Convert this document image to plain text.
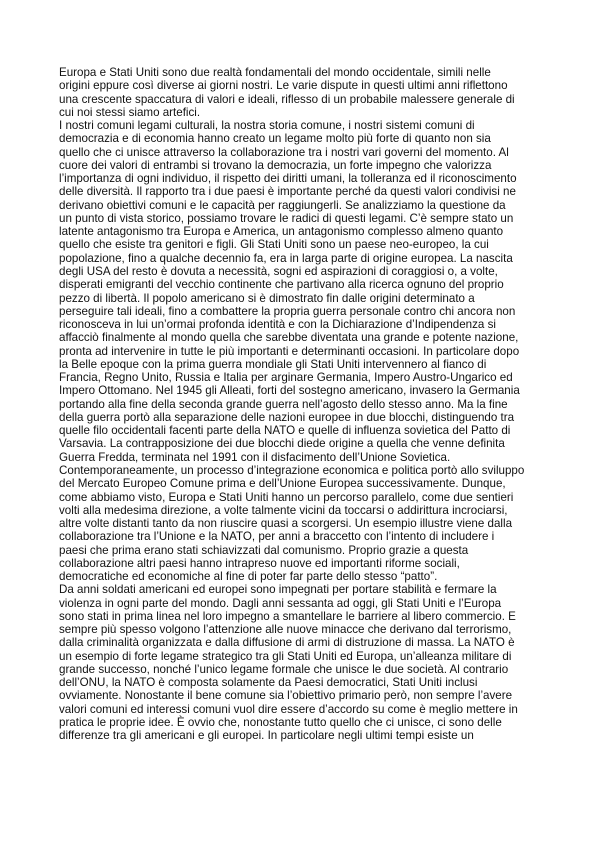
Europa e Stati Uniti sono due realtà fondamentali del mondo occidentale, simili nelle
origini eppure così diverse ai giorni nostri. Le varie dispute in questi ultimi anni riflettono
una crescente spaccatura di valori e ideali, riflesso di un probabile malessere generale di
cui noi stessi siamo artefici.
I nostri comuni legami culturali, la nostra storia comune, i nostri sistemi comuni di
democrazia e di economia hanno creato un legame molto più forte di quanto non sia
quello che ci unisce attraverso la collaborazione tra i nostri vari governi del momento. Al
cuore dei valori di entrambi si trovano la democrazia, un forte impegno che valorizza
l’importanza di ogni individuo, il rispetto dei diritti umani, la tolleranza ed il riconoscimento
delle diversità. Il rapporto tra i due paesi è importante perché da questi valori condivisi ne
derivano obiettivi comuni e le capacità per raggiungerli. Se analizziamo la questione da
un punto di vista storico, possiamo trovare le radici di questi legami. C’è sempre stato un
latente antagonismo tra Europa e America, un antagonismo complesso almeno quanto
quello che esiste tra genitori e figli. Gli Stati Uniti sono un paese neo-europeo, la cui
popolazione, fino a qualche decennio fa, era in larga parte di origine europea. La nascita
degli USA del resto è dovuta a necessità, sogni ed aspirazioni di coraggiosi o, a volte,
disperati emigranti del vecchio continente che partivano alla ricerca ognuno del proprio
pezzo di libertà. Il popolo americano si è dimostrato fin dalle origini determinato a
perseguire tali ideali, fino a combattere la propria guerra personale contro chi ancora non
riconosceva in lui un’ormai profonda identità e con la Dichiarazione d’Indipendenza si
affacciò finalmente al mondo quella che sarebbe diventata una grande e potente nazione,
pronta ad intervenire in tutte le più importanti e determinanti occasioni. In particolare dopo
la Belle epoque con la prima guerra mondiale gli Stati Uniti intervennero al fianco di
Francia, Regno Unito, Russia e Italia per arginare Germania, Impero Austro-Ungarico ed
Impero Ottomano. Nel 1945 gli Alleati, forti del sostegno americano, invasero la Germania
portando alla fine della seconda grande guerra nell’agosto dello stesso anno. Ma la fine
della guerra portò alla separazione delle nazioni europee in due blocchi, distinguendo tra
quelle filo occidentali facenti parte della NATO e quelle di influenza sovietica del Patto di
Varsavia. La contrapposizione dei due blocchi diede origine a quella che venne definita
Guerra Fredda, terminata nel 1991 con il disfacimento dell’Unione Sovietica.
Contemporaneamente, un processo d’integrazione economica e politica portò allo sviluppo
del Mercato Europeo Comune prima e dell’Unione Europea successivamente. Dunque,
come abbiamo visto, Europa e Stati Uniti hanno un percorso parallelo, come due sentieri
volti alla medesima direzione, a volte talmente vicini da toccarsi o addirittura incrociarsi,
altre volte distanti tanto da non riuscire quasi a scorgersi. Un esempio illustre viene dalla
collaborazione tra l’Unione e la NATO, per anni a braccetto con l’intento di includere i
paesi che prima erano stati schiavizzati dal comunismo. Proprio grazie a questa
collaborazione altri paesi hanno intrapreso nuove ed importanti riforme sociali,
democratiche ed economiche al fine di poter far parte dello stesso “patto”.
Da anni soldati americani ed europei sono impegnati per portare stabilità e fermare la
violenza in ogni parte del mondo. Dagli anni sessanta ad oggi, gli Stati Uniti e l’Europa
sono stati in prima linea nel loro impegno a smantellare le barriere al libero commercio. E
sempre più spesso volgono l’attenzione alle nuove minacce che derivano dal terrorismo,
dalla criminalità organizzata e dalla diffusione di armi di distruzione di massa. La NATO è
un esempio di forte legame strategico tra gli Stati Uniti ed Europa, un’alleanza militare di
grande successo, nonché l’unico legame formale che unisce le due società. Al contrario
dell’ONU, la NATO è composta solamente da Paesi democratici, Stati Uniti inclusi
ovviamente. Nonostante il bene comune sia l’obiettivo primario però, non sempre l’avere
valori comuni ed interessi comuni vuol dire essere d’accordo su come è meglio mettere in
pratica le proprie idee. È ovvio che, nonostante tutto quello che ci unisce, ci sono delle
differenze tra gli americani e gli europei. In particolare negli ultimi tempi esiste un
